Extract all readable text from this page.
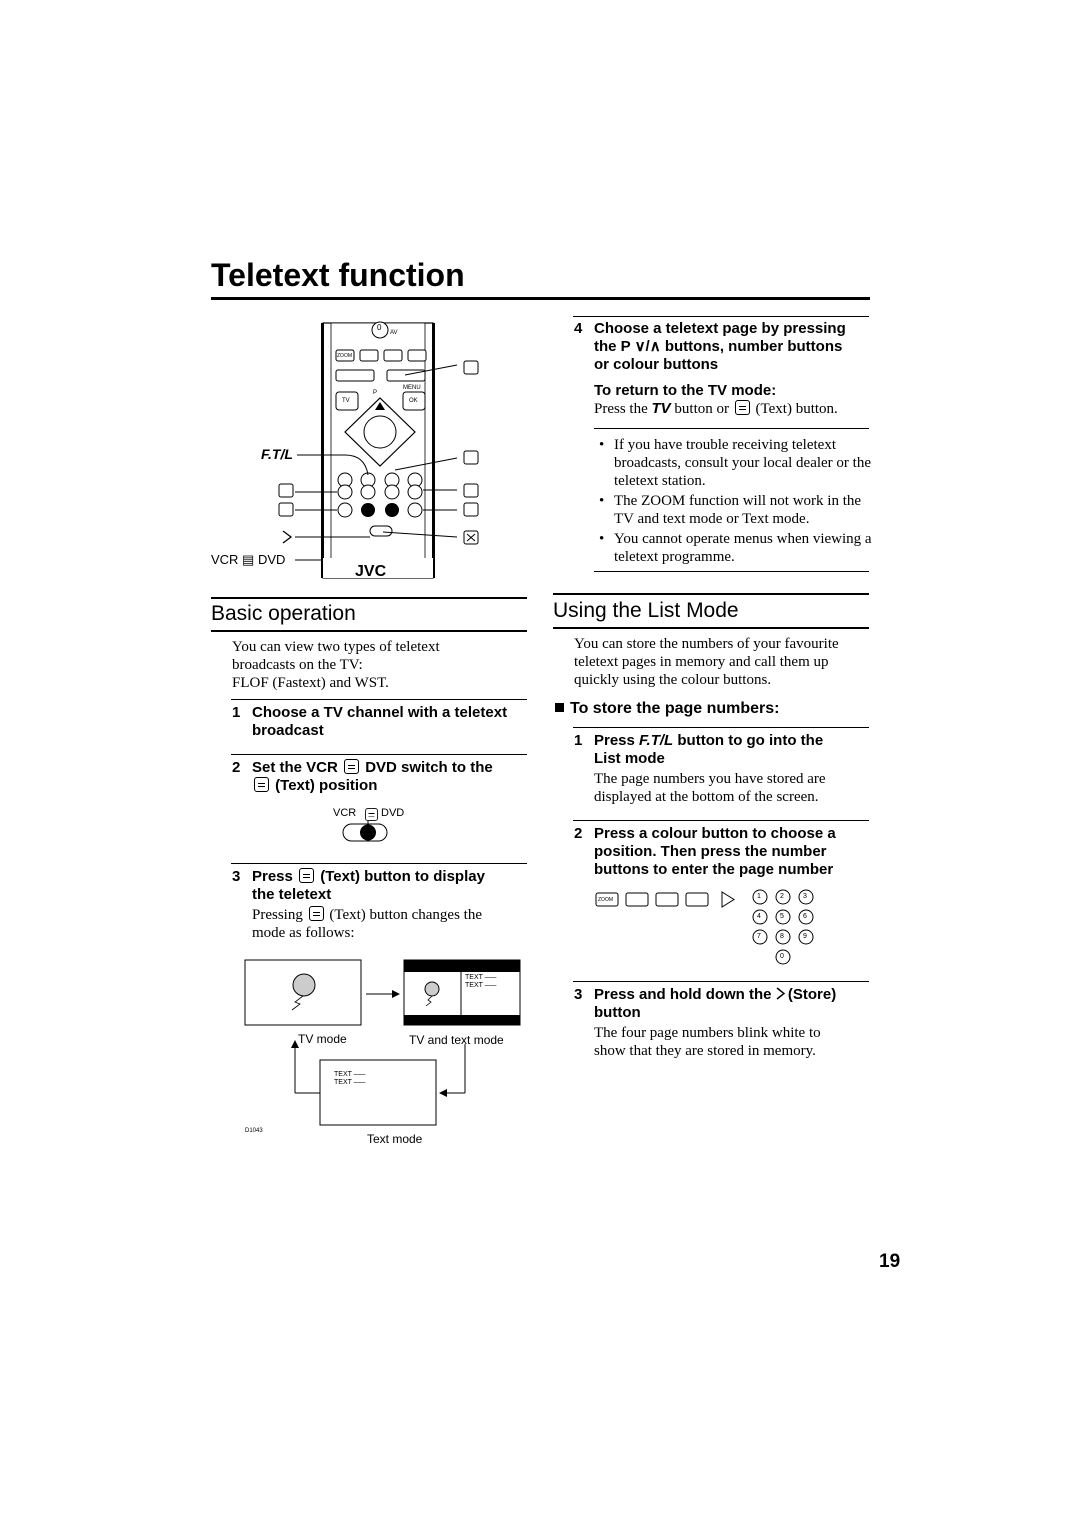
Teletext function
F.T/L
VCR ▤ DVD
0
AV
ZOOM
TV	OK
MENU
P
JVC
4 Choose a teletext page by pressing
the P ∨/∧ buttons, number buttons
or colour buttons
To return to the TV mode:
Press the TV button or (Text) button.
• If you have trouble receiving teletext broadcasts, consult your local dealer or the teletext station.
• The ZOOM function will not work in the TV and text mode or Text mode.
• You cannot operate menus when viewing a teletext programme.
Basic operation
You can view two types of teletext
broadcasts on the TV:
FLOF (Fastext) and WST.
1 Choose a TV channel with a teletext
broadcast
2 Set the VCR DVD switch to the
(Text) position
VCR DVD
3 Press (Text) button to display
the teletext
Pressing (Text) button changes the
mode as follows:
TEXT –––
TEXT –––
TEXT –––
TEXT –––
TV mode	TV and text mode
Text mode
D1043
Using the List Mode
You can store the numbers of your favourite
teletext pages in memory and call them up
quickly using the colour buttons.
To store the page numbers:
1 Press F.T/L button to go into the
List mode
The page numbers you have stored are
displayed at the bottom of the screen.
2 Press a colour button to choose a
position. Then press the number
buttons to enter the page number
ZOOM	1	2	3
4	5	6
7	8	9
0
3 Press and hold down the (Store)
button
The four page numbers blink white to
show that they are stored in memory.
19
